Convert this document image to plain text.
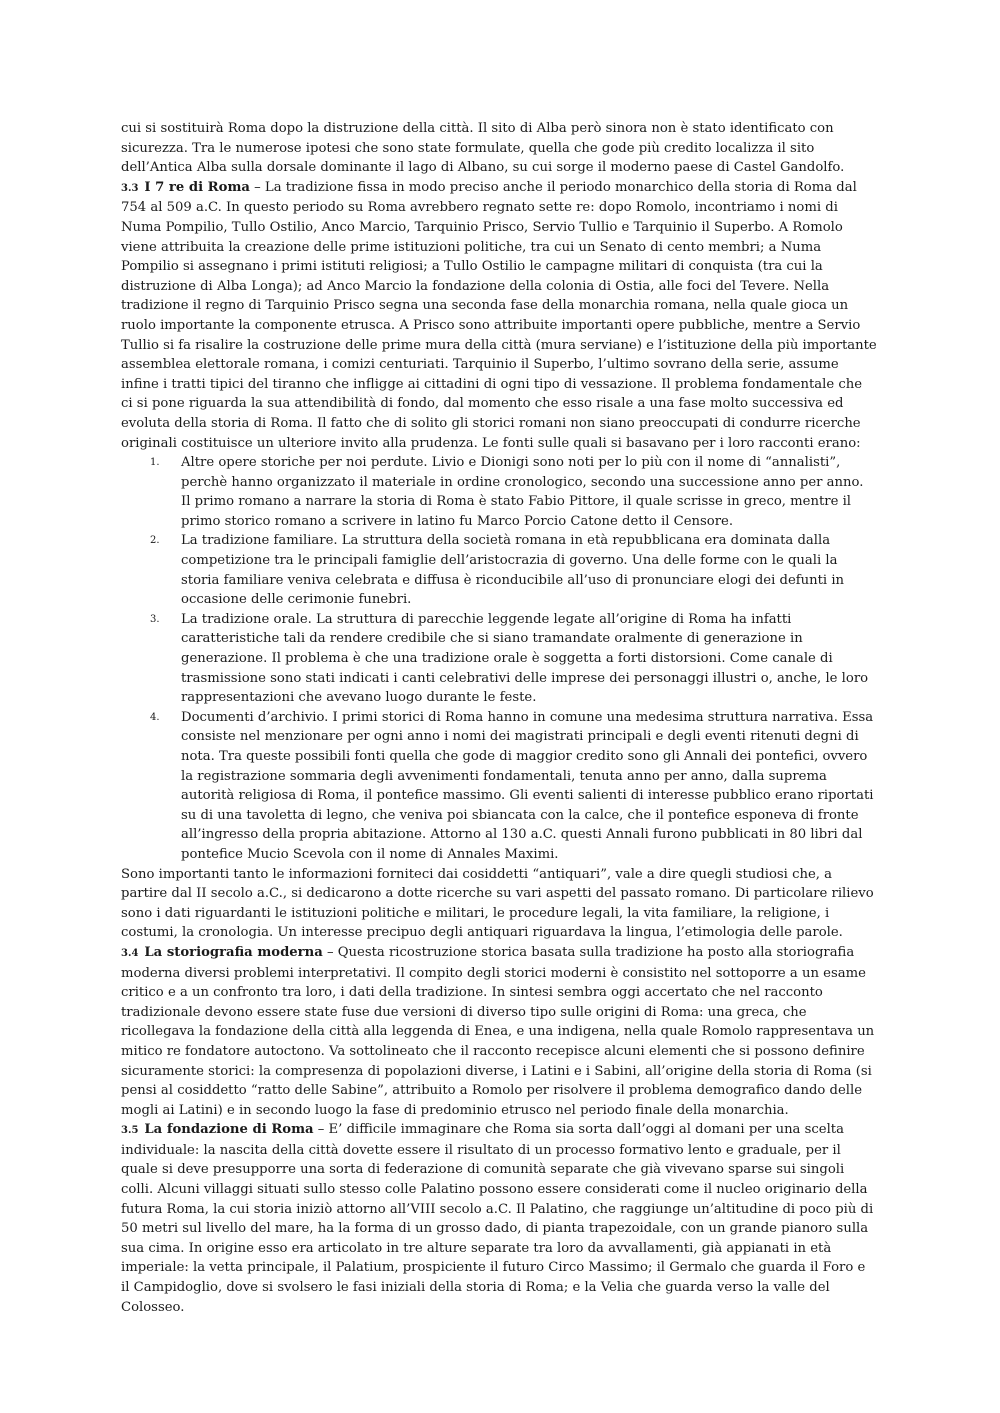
cui si sostituirà Roma dopo la distruzione della città. Il sito di Alba però sinora non è stato identificato con sicurezza. Tra le numerose ipotesi che sono state formulate, quella che gode più credito localizza il sito dell’Antica Alba sulla dorsale dominante il lago di Albano, su cui sorge il moderno paese di Castel Gandolfo.

3.3 I 7 re di Roma – La tradizione fissa in modo preciso anche il periodo monarchico della storia di Roma dal 754 al 509 a.C. In questo periodo su Roma avrebbero regnato sette re: dopo Romolo, incontriamo i nomi di Numa Pompilio, Tullo Ostilio, Anco Marcio, Tarquinio Prisco, Servio Tullio e Tarquinio il Superbo. A Romolo viene attribuita la creazione delle prime istituzioni politiche, tra cui un Senato di cento membri; a Numa Pompilio si assegnano i primi istituti religiosi; a Tullo Ostilio le campagne militari di conquista (tra cui la distruzione di Alba Longa); ad Anco Marcio la fondazione della colonia di Ostia, alle foci del Tevere. Nella tradizione il regno di Tarquinio Prisco segna una seconda fase della monarchia romana, nella quale gioca un ruolo importante la componente etrusca. A Prisco sono attribuite importanti opere pubbliche, mentre a Servio Tullio si fa risalire la costruzione delle prime mura della città (mura serviane) e l’istituzione della più importante assemblea elettorale romana, i comizi centuriati. Tarquinio il Superbo, l’ultimo sovrano della serie, assume infine i tratti tipici del tiranno che infligge ai cittadini di ogni tipo di vessazione. Il problema fondamentale che ci si pone riguarda la sua attendibilità di fondo, dal momento che esso risale a una fase molto successiva ed evoluta della storia di Roma. Il fatto che di solito gli storici romani non siano preoccupati di condurre ricerche originali costituisce un ulteriore invito alla prudenza. Le fonti sulle quali si basavano per i loro racconti erano:

1. Altre opere storiche per noi perdute. Livio e Dionigi sono noti per lo più con il nome di “annalisti”, perchè hanno organizzato il materiale in ordine cronologico, secondo una successione anno per anno. Il primo romano a narrare la storia di Roma è stato Fabio Pittore, il quale scrisse in greco, mentre il primo storico romano a scrivere in latino fu Marco Porcio Catone detto il Censore.
2. La tradizione familiare. La struttura della società romana in età repubblicana era dominata dalla competizione tra le principali famiglie dell’aristocrazia di governo. Una delle forme con le quali la storia familiare veniva celebrata e diffusa è riconducibile all’uso di pronunciare elogi dei defunti in occasione delle cerimonie funebri.
3. La tradizione orale. La struttura di parecchie leggende legate all’origine di Roma ha infatti caratteristiche tali da rendere credibile che si siano tramandate oralmente di generazione in generazione. Il problema è che una tradizione orale è soggetta a forti distorsioni. Come canale di trasmissione sono stati indicati i canti celebrativi delle imprese dei personaggi illustri o, anche, le loro rappresentazioni che avevano luogo durante le feste.
4. Documenti d’archivio. I primi storici di Roma hanno in comune una medesima struttura narrativa. Essa consiste nel menzionare per ogni anno i nomi dei magistrati principali e degli eventi ritenuti degni di nota. Tra queste possibili fonti quella che gode di maggior credito sono gli Annali dei pontefici, ovvero la registrazione sommaria degli avvenimenti fondamentali, tenuta anno per anno, dalla suprema autorità religiosa di Roma, il pontefice massimo. Gli eventi salienti di interesse pubblico erano riportati su di una tavoletta di legno, che veniva poi sbiancata con la calce, che il pontefice esponeva di fronte all’ingresso della propria abitazione. Attorno al 130 a.C. questi Annali furono pubblicati in 80 libri dal pontefice Mucio Scevola con il nome di Annales Maximi.

Sono importanti tanto le informazioni forniteci dai cosiddetti “antiquari”, vale a dire quegli studiosi che, a partire dal II secolo a.C., si dedicarono a dotte ricerche su vari aspetti del passato romano. Di particolare rilievo sono i dati riguardanti le istituzioni politiche e militari, le procedure legali, la vita familiare, la religione, i costumi, la cronologia. Un interesse precipuo degli antiquari riguardava la lingua, l’etimologia delle parole.

3.4 La storiografia moderna – Questa ricostruzione storica basata sulla tradizione ha posto alla storiografia moderna diversi problemi interpretativi. Il compito degli storici moderni è consistito nel sottoporre a un esame critico e a un confronto tra loro, i dati della tradizione. In sintesi sembra oggi accertato che nel racconto tradizionale devono essere state fuse due versioni di diverso tipo sulle origini di Roma: una greca, che ricollegava la fondazione della città alla leggenda di Enea, e una indigena, nella quale Romolo rappresentava un mitico re fondatore autoctono. Va sottolineato che il racconto recepisce alcuni elementi che si possono definire sicuramente storici: la compresenza di popolazioni diverse, i Latini e i Sabini, all’origine della storia di Roma (si pensi al cosiddetto “ratto delle Sabine”, attribuito a Romolo per risolvere il problema demografico dando delle mogli ai Latini) e in secondo luogo la fase di predominio etrusco nel periodo finale della monarchia.

3.5 La fondazione di Roma – E’ difficile immaginare che Roma sia sorta dall’oggi al domani per una scelta individuale: la nascita della città dovette essere il risultato di un processo formativo lento e graduale, per il quale si deve presupporre una sorta di federazione di comunità separate che già vivevano sparse sui singoli colli. Alcuni villaggi situati sullo stesso colle Palatino possono essere considerati come il nucleo originario della futura Roma, la cui storia iniziò attorno all’VIII secolo a.C. Il Palatino, che raggiunge un’altitudine di poco più di 50 metri sul livello del mare, ha la forma di un grosso dado, di pianta trapezoidale, con un grande pianoro sulla sua cima. In origine esso era articolato in tre alture separate tra loro da avvallamenti, già appianati in età imperiale: la vetta principale, il Palatium, prospiciente il futuro Circo Massimo; il Germalo che guarda il Foro e il Campidoglio, dove si svolsero le fasi iniziali della storia di Roma; e la Velia che guarda verso la valle del Colosseo.
